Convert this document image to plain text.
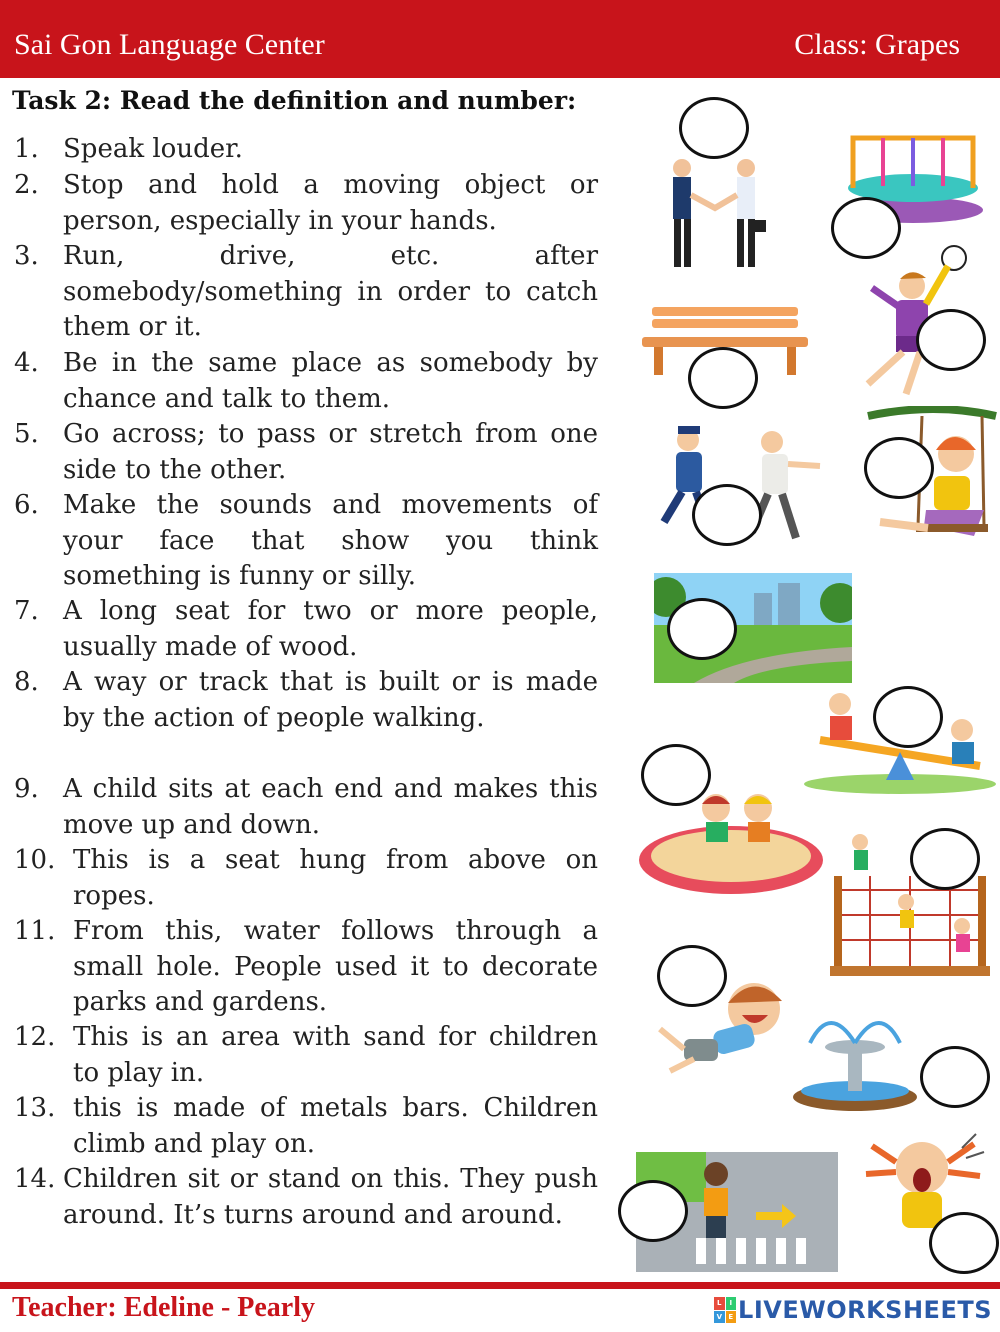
Sai Gon Language Center	Class: Grapes
Task 2: Read the definition and number:
1. Speak louder.
2. Stop and hold a moving object or person, especially in your hands.
3. Run, drive, etc. after somebody/something in order to catch them or it.
4. Be in the same place as somebody by chance and talk to them.
5. Go across; to pass or stretch from one side to the other.
6. Make the sounds and movements of your face that show you think something is funny or silly.
7. A long seat for two or more people, usually made of wood.
8. A way or track that is built or is made by the action of people walking.
9. A child sits at each end and makes this move up and down.
10. This is a seat hung from above on ropes.
11. From this, water follows through a small hole. People used it to decorate parks and gardens.
12. This is an area with sand for children to play in.
13. this is made of metals bars. Children climb and play on.
14. Children sit or stand on this. They push around. It’s turns around and around.
Teacher: Edeline - Pearly	L	I
V E LIVEWORKSHEETS
